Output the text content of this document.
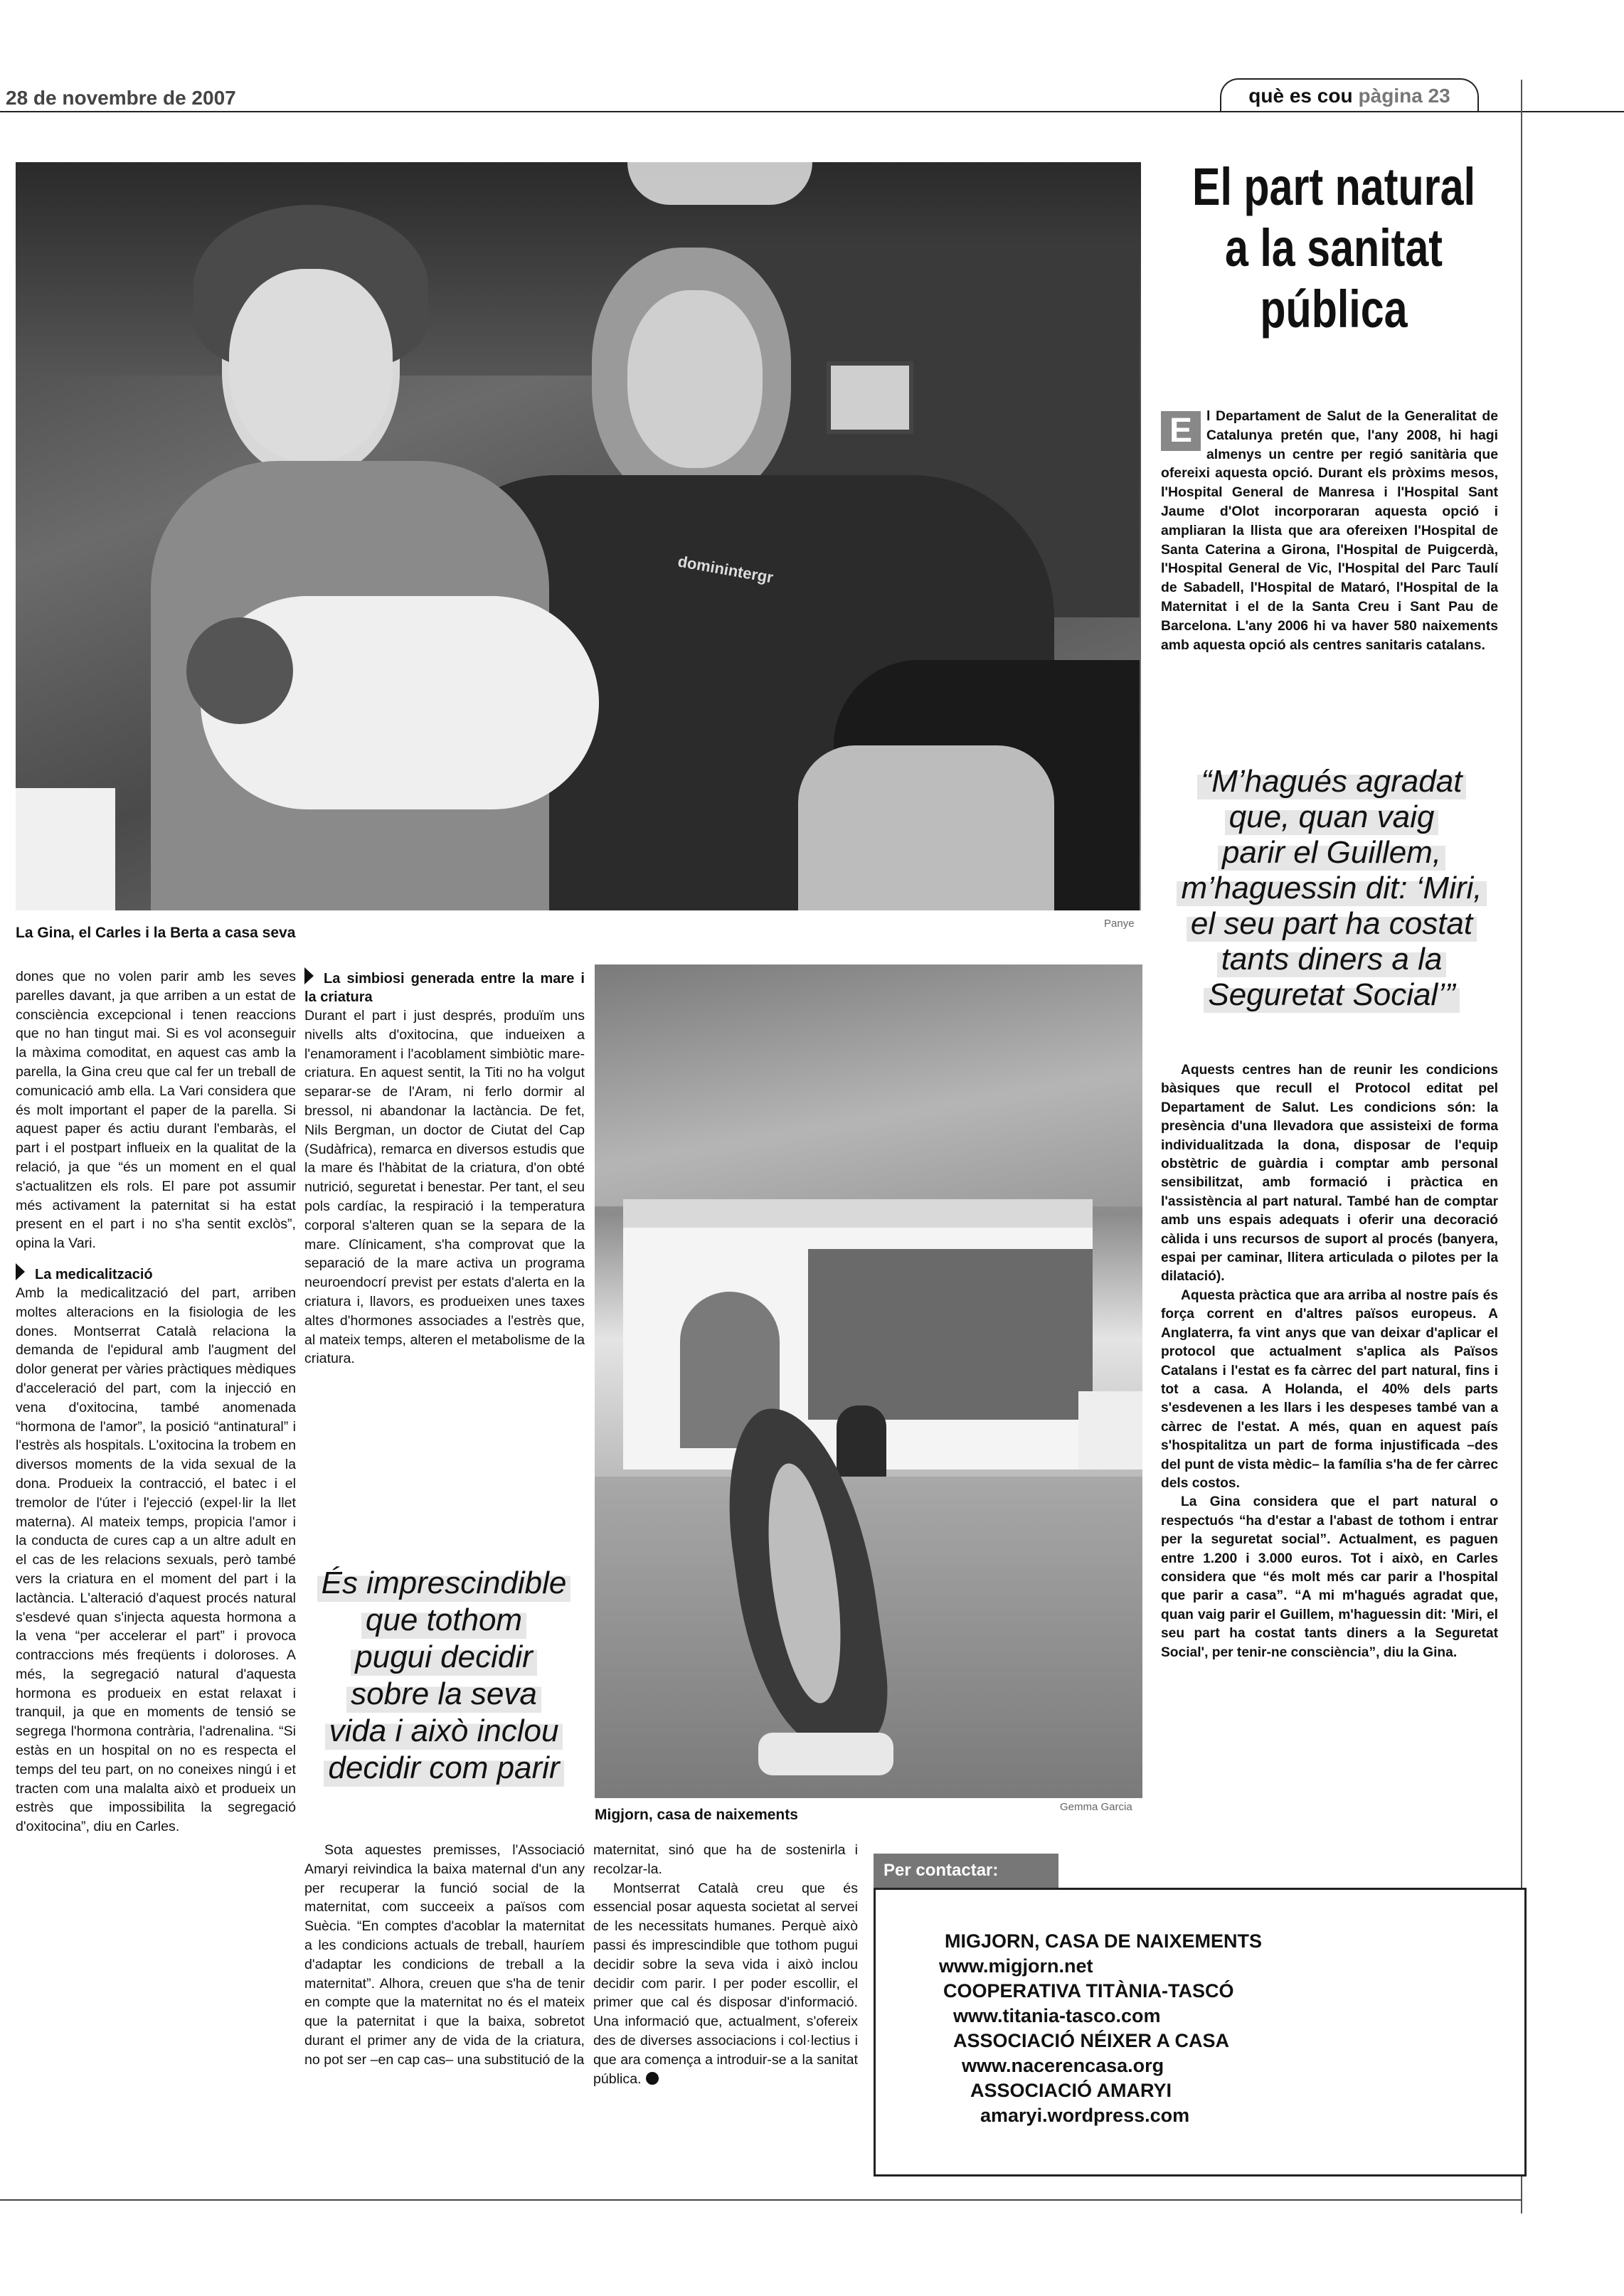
28 de novembre de 2007	què es cou pàgina 23
dominintergr
La Gina, el Carles i la Berta a casa seva
Panye
El part natural
a la sanitat
pública
E	l Departament de Salut de la Generalitat de Catalunya pretén que, l'any 2008, hi hagi almenys un centre per regió sanitària que ofereixi aquesta opció. Durant els pròxims mesos, l'Hospital General de Manresa i l'Hospital Sant Jaume d'Olot incorporaran aquesta opció i ampliaran la llista que ara ofereixen l'Hospital de Santa Caterina a Girona, l'Hospital de Puigcerdà, l'Hospital General de Vic, l'Hospital del Parc Taulí de Sabadell, l'Hospital de Mataró, l'Hospital de la Maternitat i el de la Santa Creu i Sant Pau de Barcelona. L'any 2006 hi va haver 580 naixements amb aquesta opció als centres sanitaris catalans.
“M’hagués agradat
que, quan vaig
parir el Guillem,
m’haguessin dit: ‘Miri,
el seu part ha costat
tants diners a la
Seguretat Social’”

Aquests centres han de reunir les condicions bàsiques que recull el Protocol editat pel Departament de Salut. Les condicions són: la presència d'una llevadora que assisteixi de forma individualitzada la dona, disposar de l'equip obstètric de guàrdia i comptar amb personal sensibilitzat, amb formació i pràctica en l'assistència al part natural. També han de comptar amb uns espais adequats i oferir una decoració càlida i uns recursos de suport al procés (banyera, espai per caminar, llitera articulada o pilotes per la dilatació).

Aquesta pràctica que ara arriba al nostre país és força corrent en d'altres països europeus. A Anglaterra, fa vint anys que van deixar d'aplicar el protocol que actualment s'aplica als Països Catalans i l'estat es fa càrrec del part natural, fins i tot a casa. A Holanda, el 40% dels parts s'esdevenen a les llars i les despeses també van a càrrec de l'estat. A més, quan en aquest país s'hospitalitza un part de forma injustificada –des del punt de vista mèdic– la família s'ha de fer càrrec dels costos.

La Gina considera que el part natural o respectuós “ha d'estar a l'abast de tothom i entrar per la seguretat social”. Actualment, es paguen entre 1.200 i 3.000 euros. Tot i això, en Carles considera que “és molt més car parir a l'hospital que parir a casa”. “A mi m'hagués agradat que, quan vaig parir el Guillem, m'haguessin dit: 'Miri, el seu part ha costat tants diners a la Seguretat Social', per tenir-ne consciència”, diu la Gina.

dones que no volen parir amb les seves parelles davant, ja que arriben a un estat de consciència excepcional i tenen reaccions que no han tingut mai. Si es vol aconseguir la màxima comoditat, en aquest cas amb la parella, la Gina creu que cal fer un treball de comunicació amb ella. La Vari considera que és molt important el paper de la parella. Si aquest paper és actiu durant l'embaràs, el part i el postpart influeix en la qualitat de la relació, ja que “és un moment en el qual s'actualitzen els rols. El pare pot assumir més activament la paternitat si ha estat present en el part i no s'ha sentit exclòs”, opina la Vari.

La medicalització

Amb la medicalització del part, arriben moltes alteracions en la fisiologia de les dones. Montserrat Català relaciona la demanda de l'epidural amb l'augment del dolor generat per vàries pràctiques mèdiques d'acceleració del part, com la injecció en vena d'oxitocina, també anomenada “hormona de l'amor”, la posició “antinatural” i l'estrès als hospitals. L'oxitocina la trobem en diversos moments de la vida sexual de la dona. Produeix la contracció, el batec i el tremolor de l'úter i l'ejecció (expel·lir la llet materna). Al mateix temps, propicia l'amor i la conducta de cures cap a un altre adult en el cas de les relacions sexuals, però també vers la criatura en el moment del part i la lactància. L'alteració d'aquest procés natural s'esdevé quan s'injecta aquesta hormona a la vena “per accelerar el part” i provoca contraccions més freqüents i doloroses. A més, la segregació natural d'aquesta hormona es produeix en estat relaxat i tranquil, ja que en moments de tensió se segrega l'hormona contrària, l'adrenalina. “Si estàs en un hospital on no es respecta el temps del teu part, on no coneixes ningú i et tracten com una malalta això et produeix un estrès que impossibilita la segregació d'oxitocina”, diu en Carles.

La simbiosi generada entre la mare i la criatura

Durant el part i just després, produïm uns nivells alts d'oxitocina, que indueixen a l'enamorament i l'acoblament simbiòtic mare-criatura. En aquest sentit, la Titi no ha volgut separar-se de l'Aram, ni ferlo dormir al bressol, ni abandonar la lactància. De fet, Nils Bergman, un doctor de Ciutat del Cap (Sudàfrica), remarca en diversos estudis que la mare és l'hàbitat de la criatura, d'on obté nutrició, seguretat i benestar. Per tant, el seu pols cardíac, la respiració i la temperatura corporal s'alteren quan se la separa de la mare. Clínicament, s'ha comprovat que la separació de la mare activa un programa neuroendocrí previst per estats d'alerta en la criatura i, llavors, es produeixen unes taxes altes d'hormones associades a l'estrès que, al mateix temps, alteren el metabolisme de la criatura.

És imprescindible
que tothom
pugui decidir
sobre la seva
vida i això inclou
decidir com parir

Sota aquestes premisses, l'Associació Amaryi reivindica la baixa maternal d'un any per recuperar la funció social de la maternitat, com succeeix a països com Suècia. “En comptes d'acoblar la maternitat a les condicions actuals de treball, hauríem d'adaptar les condicions de treball a la maternitat”. Alhora, creuen que s'ha de tenir en compte que la maternitat no és el mateix que la paternitat i que la baixa, sobretot durant el primer any de vida de la criatura, no pot ser –en cap cas– una substitució de la

Migjorn, casa de naixements	Gemma Garcia

maternitat, sinó que ha de sostenirla i recolzar-la.

Montserrat Català creu que és essencial posar aquesta societat al servei de les necessitats humanes. Perquè això passi és imprescindible que tothom pugui decidir sobre la seva vida i això inclou decidir com parir. I per poder escollir, el primer que cal és disposar d'informació. Una informació que, actualment, s'ofereix des de diverses associacions i col·lectius i que ara comença a introduir-se a la sanitat pública.

Per contactar:
MIGJORN, CASA DE NAIXEMENTS
www.migjorn.net
COOPERATIVA TITÀNIA-TASCÓ
www.titania-tasco.com
ASSOCIACIÓ NÉIXER A CASA
www.nacerencasa.org
ASSOCIACIÓ AMARYI
amaryi.wordpress.com
